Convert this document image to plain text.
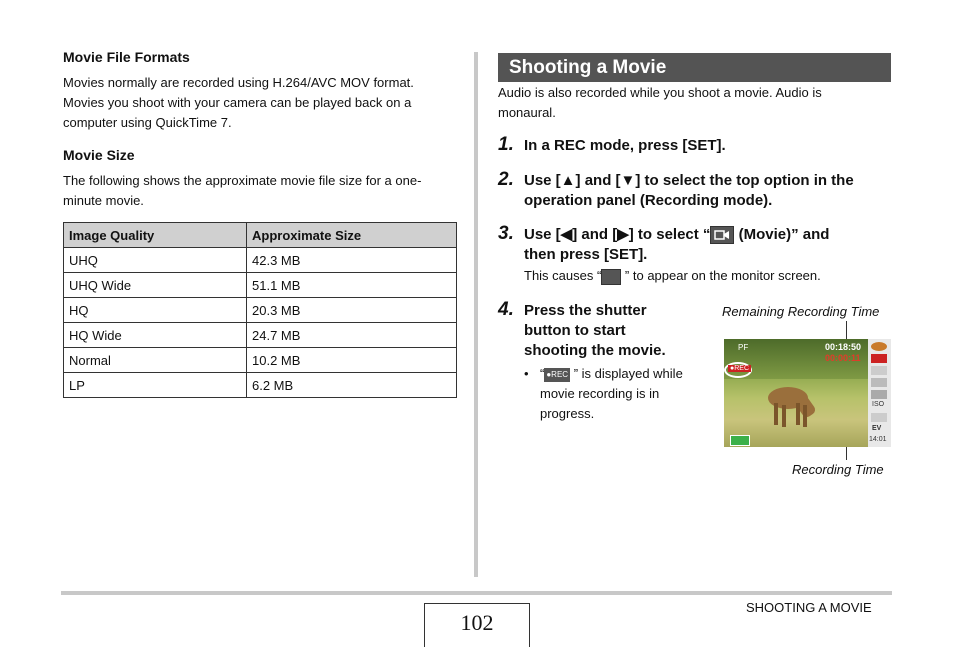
Movie File Formats
Movies normally are recorded using H.264/AVC MOV format.
Movies you shoot with your camera can be played back on a
computer using QuickTime 7.
Movie Size
The following shows the approximate movie file size for a one-
minute movie.
Image Quality	Approximate Size
UHQ	42.3 MB
UHQ Wide	51.1 MB
HQ	20.3 MB
HQ Wide	24.7 MB
Normal	10.2 MB
LP	6.2 MB
Shooting a Movie
Audio is also recorded while you shoot a movie. Audio is
monaural.
1. In a REC mode, press [SET].
2. Use [▲] and [▼] to select the top option in the
operation panel (Recording mode).
3. Use [◀] and [▶] to select “
(Movie)” and
then press [SET].
This causes “ ” to appear on the monitor screen.
4. Press the shutter
button to start
shooting the movie.
• “ ●REC ” is displayed while
movie recording is in
progress.
Remaining Recording Time
Recording Time
PF	00:18:50
00:00:11
●REC
ISO
EV
14:01
SHOOTING A MOVIE
102
